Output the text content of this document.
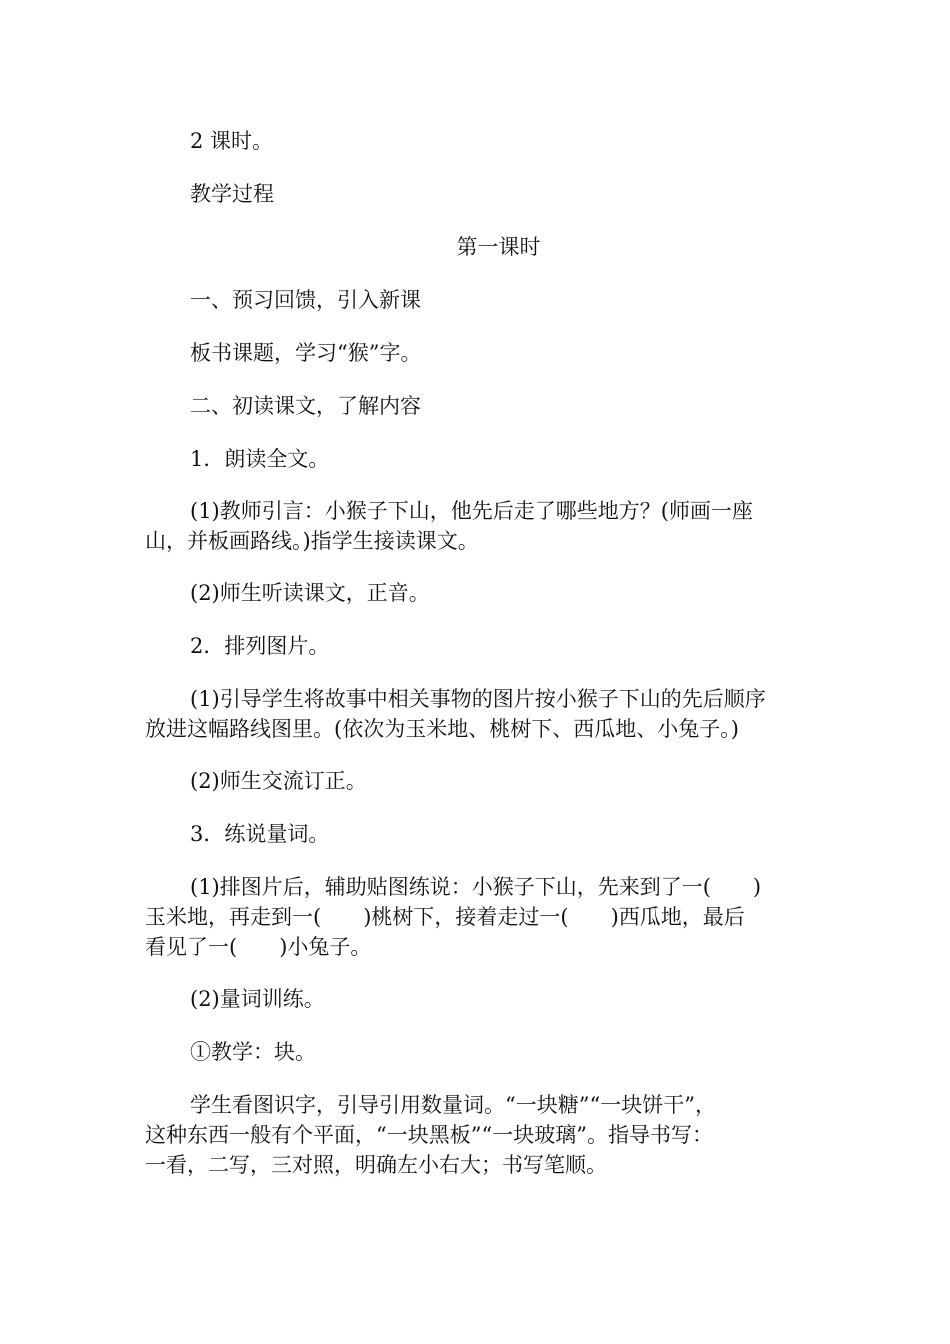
2 课时。

教学过程

第一课时

一、预习回馈，引入新课

板书课题，学习“猴”字。

二、初读课文，了解内容

1．朗读全文。

(1)教师引言：小猴子下山，他先后走了哪些地方？(师画一座

山，并板画路线。)指学生接读课文。

(2)师生听读课文，正音。

2．排列图片。

(1)引导学生将故事中相关事物的图片按小猴子下山的先后顺序

放进这幅路线图里。(依次为玉米地、桃树下、西瓜地、小兔子。)

(2)师生交流订正。

3．练说量词。

(1)排图片后，辅助贴图练说：小猴子下山，先来到了一(　　)

玉米地，再走到一(　　)桃树下，接着走过一(　　)西瓜地，最后

看见了一(　　)小兔子。

(2)量词训练。

①教学：块。

学生看图识字，引导引用数量词。“一块糖”“一块饼干”，

这种东西一般有个平面，“一块黑板”“一块玻璃”。指导书写：

一看，二写，三对照，明确左小右大；书写笔顺。
